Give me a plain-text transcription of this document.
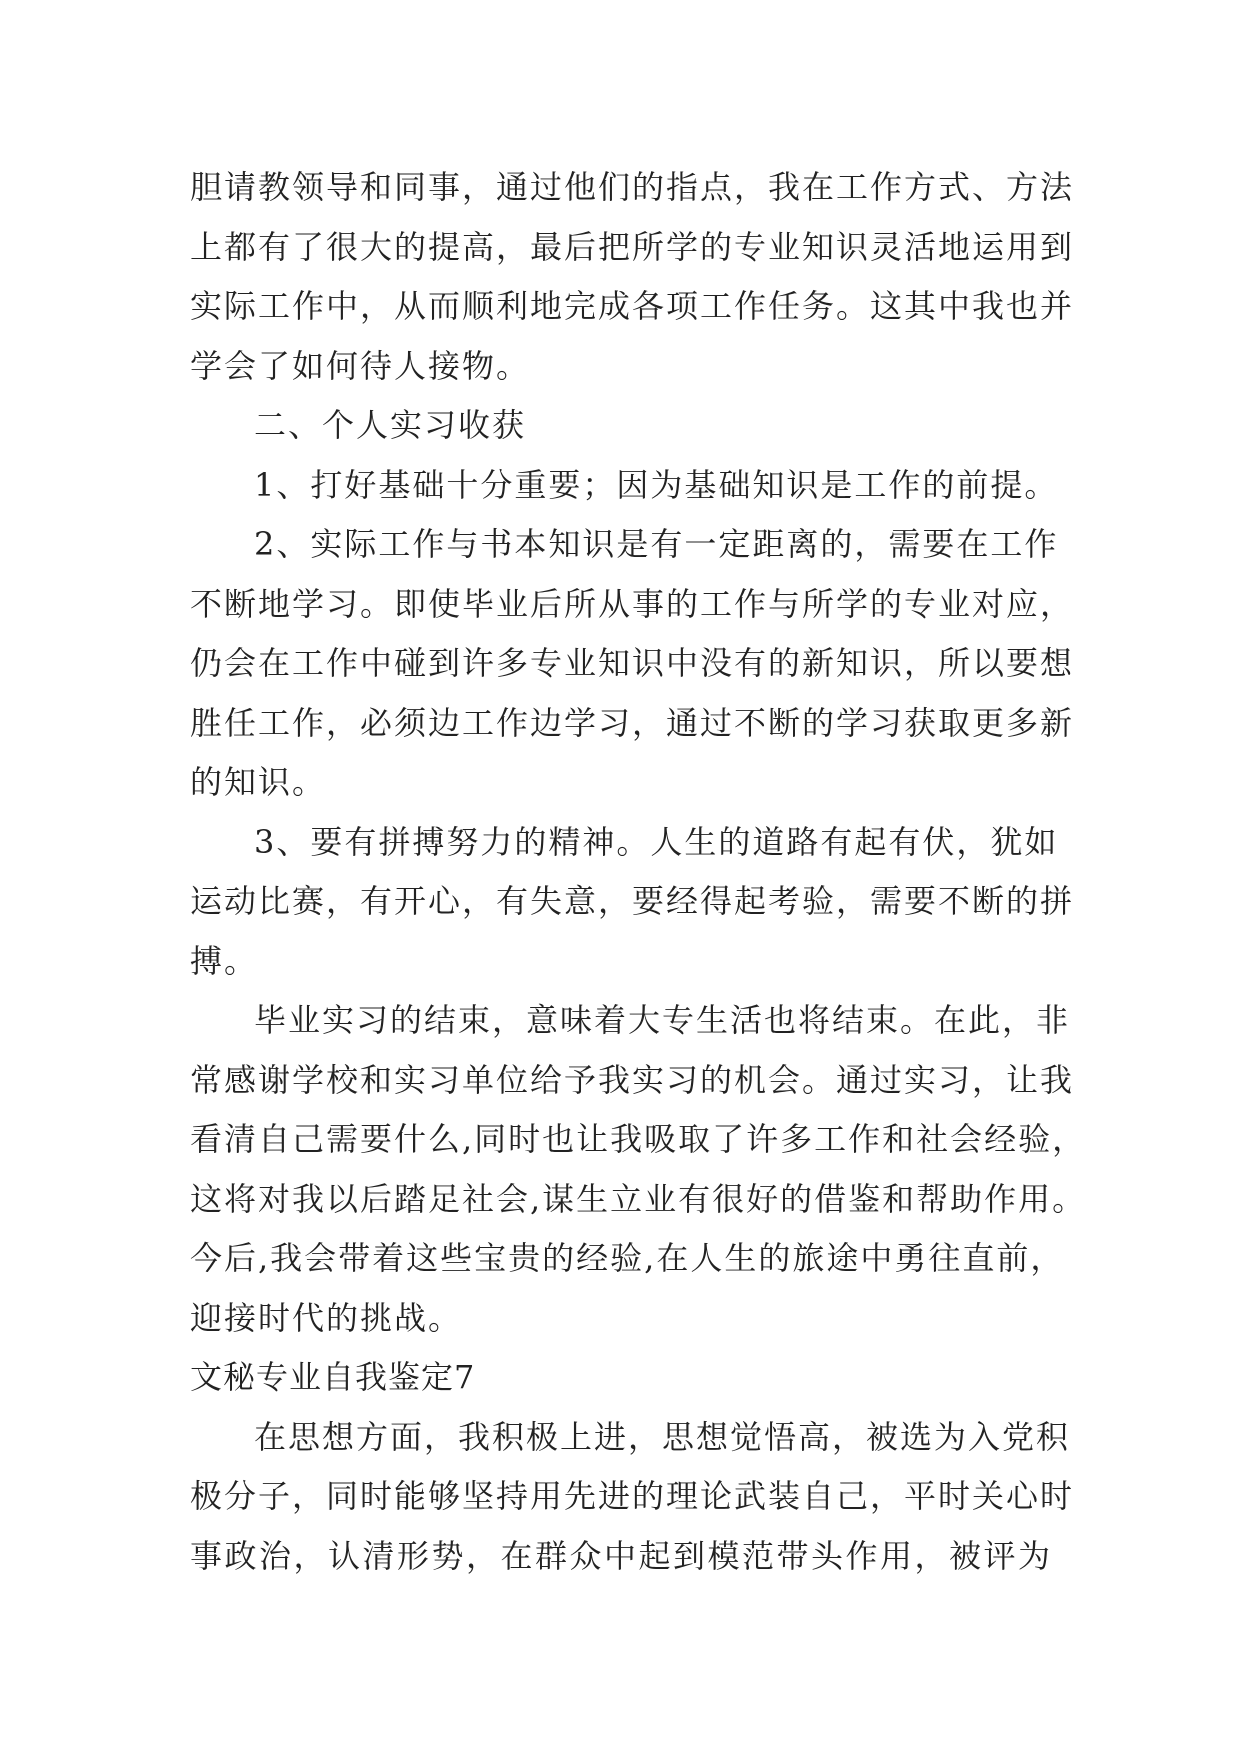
胆请教领导和同事，通过他们的指点，我在工作方式、方法
上都有了很大的提高，最后把所学的专业知识灵活地运用到
实际工作中，从而顺利地完成各项工作任务。这其中我也并
学会了如何待人接物。
二、个人实习收获
1、打好基础十分重要；因为基础知识是工作的前提。
2、实际工作与书本知识是有一定距离的，需要在工作
不断地学习。即使毕业后所从事的工作与所学的专业对应，
仍会在工作中碰到许多专业知识中没有的新知识，所以要想
胜任工作，必须边工作边学习，通过不断的学习获取更多新
的知识。
3、要有拼搏努力的精神。人生的道路有起有伏，犹如
运动比赛，有开心，有失意，要经得起考验，需要不断的拼
搏。
毕业实习的结束，意味着大专生活也将结束。在此，非
常感谢学校和实习单位给予我实习的机会。通过实习，让我
看清自己需要什么,同时也让我吸取了许多工作和社会经验，
这将对我以后踏足社会,谋生立业有很好的借鉴和帮助作用。
今后,我会带着这些宝贵的经验,在人生的旅途中勇往直前，
迎接时代的挑战。
文秘专业自我鉴定7
在思想方面，我积极上进，思想觉悟高，被选为入党积
极分子，同时能够坚持用先进的理论武装自己，平时关心时
事政治，认清形势，在群众中起到模范带头作用，被评为
